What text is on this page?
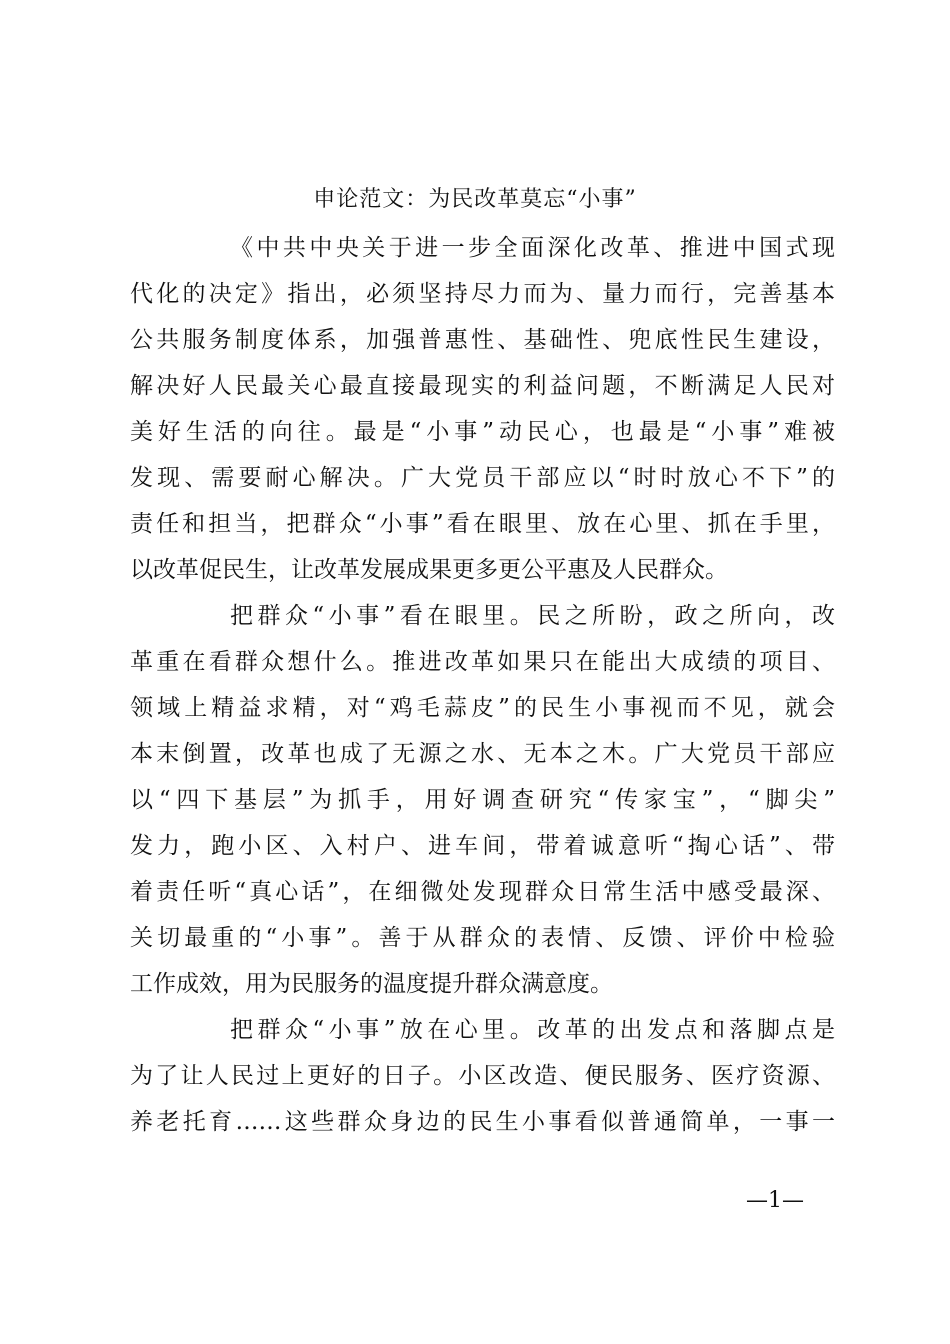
申论范文：为民改革莫忘“小事”
《中共中央关于进一步全面深化改革、推进中国式现
代化的决定》指出，必须坚持尽力而为、量力而行，完善基本
公共服务制度体系，加强普惠性、基础性、兜底性民生建设，
解决好人民最关心最直接最现实的利益问题，不断满足人民对
美好生活的向往。最是“小事”动民心，也最是“小事”难被
发现、需要耐心解决。广大党员干部应以“时时放心不下”的
责任和担当，把群众“小事”看在眼里、放在心里、抓在手里，
以改革促民生，让改革发展成果更多更公平惠及人民群众。
把群众“小事”看在眼里。民之所盼，政之所向，改
革重在看群众想什么。推进改革如果只在能出大成绩的项目、
领域上精益求精，对“鸡毛蒜皮”的民生小事视而不见，就会
本末倒置，改革也成了无源之水、无本之木。广大党员干部应
以“四下基层”为抓手，用好调查研究“传家宝”，“脚尖”
发力，跑小区、入村户、进车间，带着诚意听“掏心话”、带
着责任听“真心话”，在细微处发现群众日常生活中感受最深、
关切最重的“小事”。善于从群众的表情、反馈、评价中检验
工作成效，用为民服务的温度提升群众满意度。
把群众“小事”放在心里。改革的出发点和落脚点是
为了让人民过上更好的日子。小区改造、便民服务、医疗资源、
养老托育……这些群众身边的民生小事看似普通简单，一事一
—1—
